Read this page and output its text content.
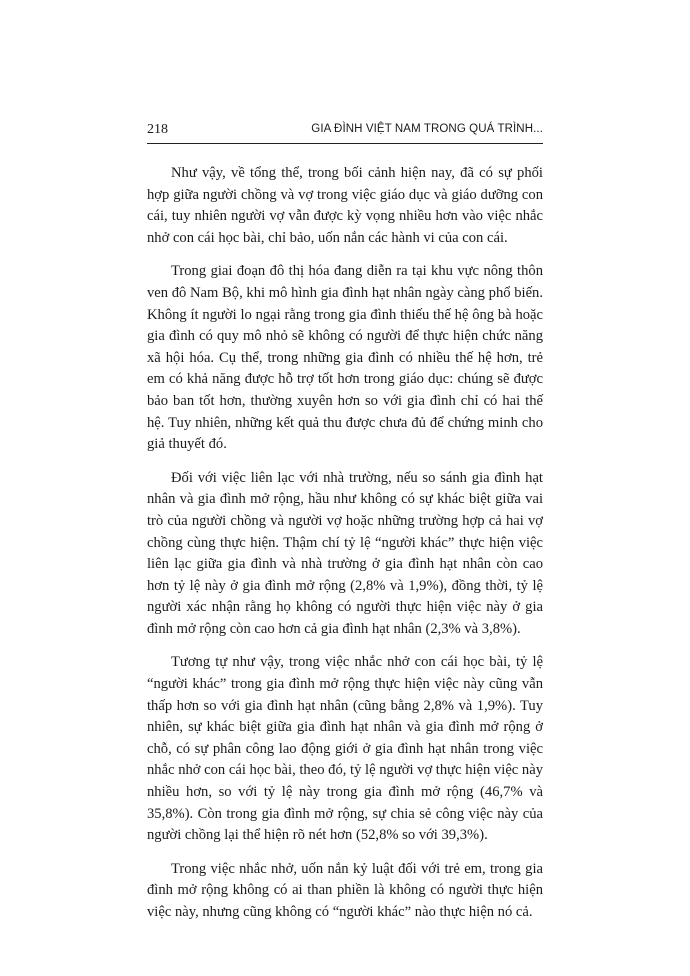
218	GIA ĐÌNH VIỆT NAM TRONG QUÁ TRÌNH...

Như vậy, về tổng thể, trong bối cảnh hiện nay, đã có sự phối hợp giữa người chồng và vợ trong việc giáo dục và giáo dưỡng con cái, tuy nhiên người vợ vẫn được kỳ vọng nhiều hơn vào việc nhắc nhở con cái học bài, chỉ bảo, uốn nắn các hành vi của con cái.

Trong giai đoạn đô thị hóa đang diễn ra tại khu vực nông thôn ven đô Nam Bộ, khi mô hình gia đình hạt nhân ngày càng phổ biến. Không ít người lo ngại rằng trong gia đình thiếu thế hệ ông bà hoặc gia đình có quy mô nhỏ sẽ không có người để thực hiện chức năng xã hội hóa. Cụ thể, trong những gia đình có nhiều thế hệ hơn, trẻ em có khả năng được hỗ trợ tốt hơn trong giáo dục: chúng sẽ được bảo ban tốt hơn, thường xuyên hơn so với gia đình chỉ có hai thế hệ. Tuy nhiên, những kết quả thu được chưa đủ để chứng minh cho giả thuyết đó.

Đối với việc liên lạc với nhà trường, nếu so sánh gia đình hạt nhân và gia đình mở rộng, hầu như không có sự khác biệt giữa vai trò của người chồng và người vợ hoặc những trường hợp cả hai vợ chồng cùng thực hiện. Thậm chí tỷ lệ “người khác” thực hiện việc liên lạc giữa gia đình và nhà trường ở gia đình hạt nhân còn cao hơn tỷ lệ này ở gia đình mở rộng (2,8% và 1,9%), đồng thời, tỷ lệ người xác nhận rằng họ không có người thực hiện việc này ở gia đình mở rộng còn cao hơn cả gia đình hạt nhân (2,3% và 3,8%).

Tương tự như vậy, trong việc nhắc nhở con cái học bài, tỷ lệ “người khác” trong gia đình mở rộng thực hiện việc này cũng vẫn thấp hơn so với gia đình hạt nhân (cũng bằng 2,8% và 1,9%). Tuy nhiên, sự khác biệt giữa gia đình hạt nhân và gia đình mở rộng ở chỗ, có sự phân công lao động giới ở gia đình hạt nhân trong việc nhắc nhở con cái học bài, theo đó, tỷ lệ người vợ thực hiện việc này nhiều hơn, so với tỷ lệ này trong gia đình mở rộng (46,7% và 35,8%). Còn trong gia đình mở rộng, sự chia sẻ công việc này của người chồng lại thể hiện rõ nét hơn (52,8% so với 39,3%).

Trong việc nhắc nhở, uốn nắn kỷ luật đối với trẻ em, trong gia đình mở rộng không có ai than phiền là không có người thực hiện việc này, nhưng cũng không có “người khác” nào thực hiện nó cả.
